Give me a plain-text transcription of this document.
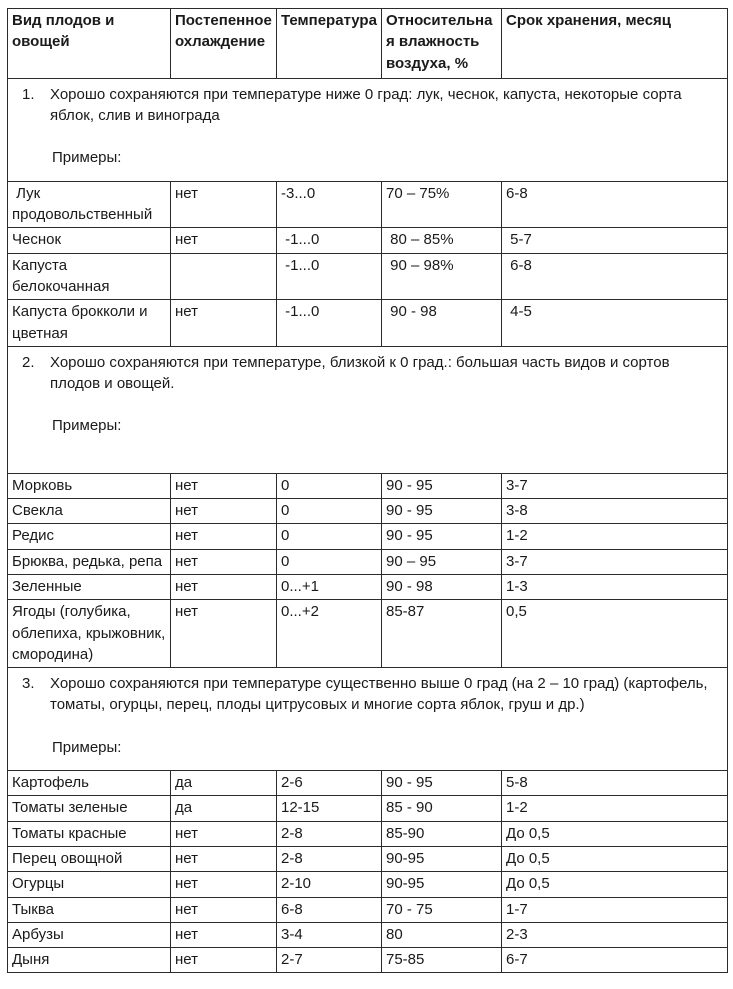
Вид плодов и овощей	Постепенное охлаждение	Температура	Относительная влажность воздуха, %	Срок хранения, месяц

1. Хорошо сохраняются при температуре ниже 0 град: лук, чеснок, капуста, некоторые сорта яблок, слив и винограда
Примеры:				

Лук продовольственный	нет	-3...0	70 – 75%	6-8
Чеснок	нет	-1...0	80 – 85%	5-7
Капуста белокочанная		-1...0	90 – 98%	6-8
Капуста брокколи и цветная	нет	-1...0	90 - 98	4-5

2. Хорошо сохраняются при температуре, близкой к 0 град.: большая часть видов и сортов плодов и овощей.
Примеры:				

Морковь	нет	0	90 - 95	3-7
Свекла	нет	0	90 - 95	3-8
Редис	нет	0	90 - 95	1-2
Брюква, редька, репа	нет	0	90 – 95	3-7
Зеленные	нет	0...+1	90 - 98	1-3
Ягоды (голубика, облепиха, крыжовник, смородина)	нет	0...+2	85-87	0,5

3. Хорошо сохраняются при температуре существенно выше 0 град (на 2 – 10 град) (картофель, томаты, огурцы, перец, плоды цитрусовых и многие сорта яблок, груш и др.)
Примеры:				

Картофель	да	2-6	90 - 95	5-8
Томаты зеленые	да	12-15	85 - 90	1-2
Томаты красные	нет	2-8	85-90	До 0,5
Перец овощной	нет	2-8	90-95	До 0,5
Огурцы	нет	2-10	90-95	До 0,5
Тыква	нет	6-8	70 - 75	1-7
Арбузы	нет	3-4	80	2-3
Дыня	нет	2-7	75-85	6-7
